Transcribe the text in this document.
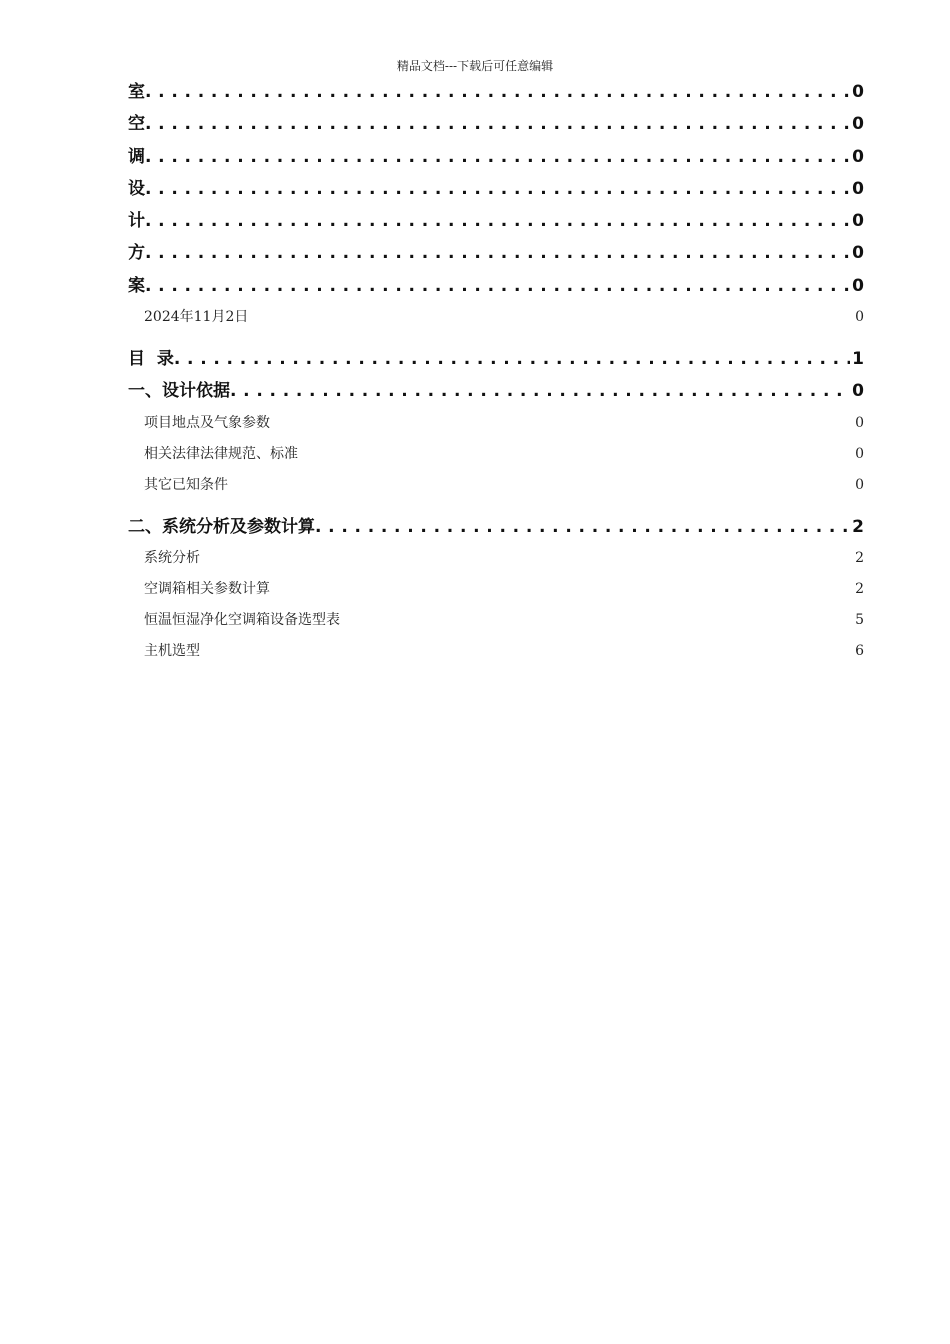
精品文档---下载后可任意编辑
室 . . .	0
空 . . .	0
调 . . .	0
设 . . .	0
计 . . .	0
方 . . .	0
案 . . .	0
2024年11月2日	0
目  录 . . .	1
一、设计依据 . . .	0
项目地点及气象参数	0
相关法律法律规范、标准	0
其它已知条件	0
二、系统分析及参数计算 . . .	2
系统分析	2
空调箱相关参数计算	2
恒温恒湿净化空调箱设备选型表	5
主机选型	6
